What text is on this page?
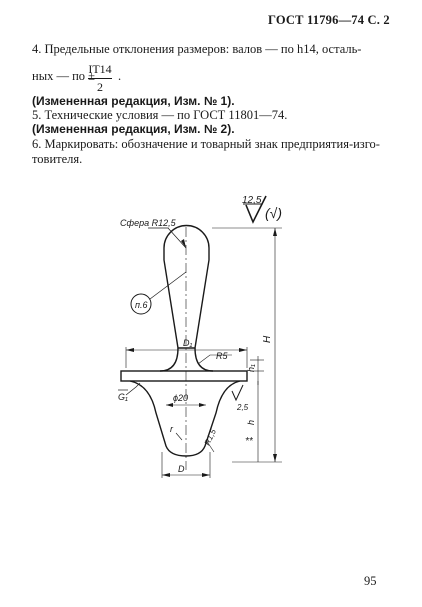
ГОСТ 11796—74 С. 2
4. Предельные отклонения размеров: валов — по h14, осталь-
ных — по ±
$\frac{IT14}{2}$ .
(Измененная редакция, Изм. № 1).
5. Технические условия — по ГОСТ 11801—74.
(Измененная редакция, Изм. № 2).
6. Маркировать: обозначение и товарный знак предприятия-изго-
товителя.
12,5
(√)
Сфера R12,5
п.6
D₁
R5
H
h₁
h
G₁	ϕ20
r	R1,5
D
2,5
**
95
